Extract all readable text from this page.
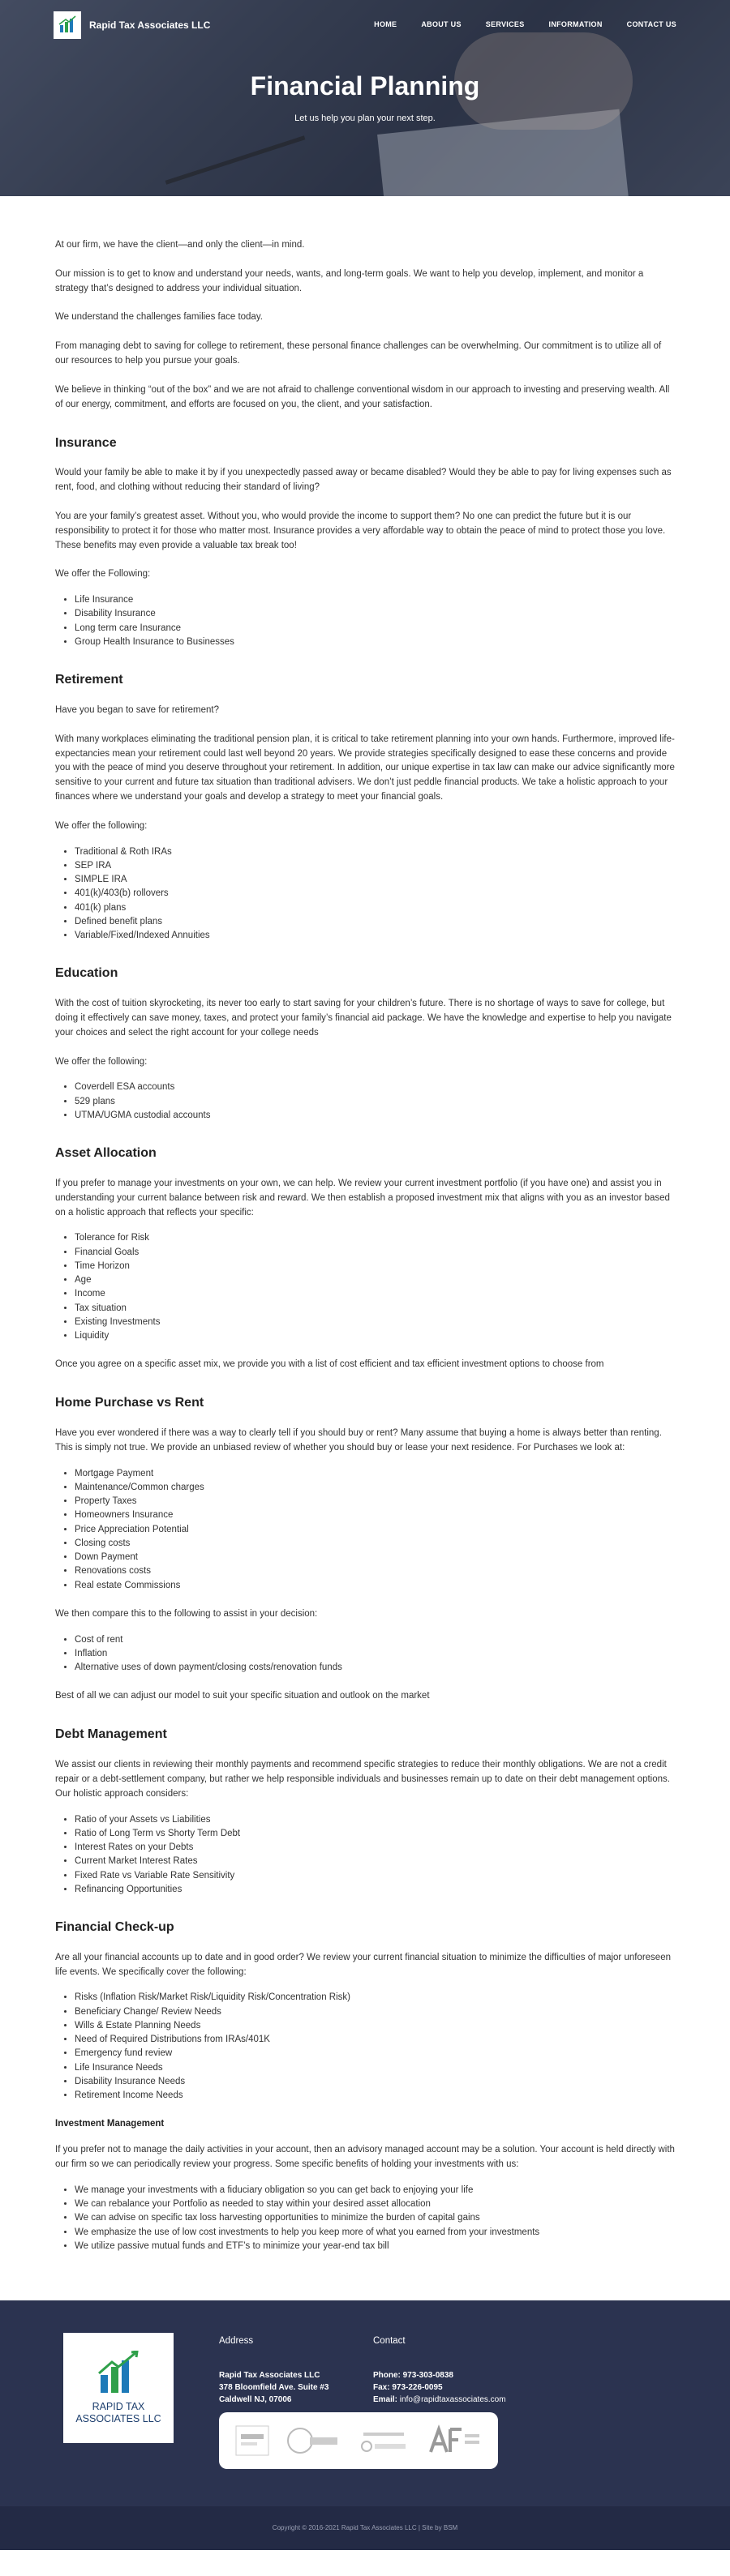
Rapid Tax Associates LLC	HOME	ABOUT US	SERVICES	INFORMATION	CONTACT US
Financial Planning
Let us help you plan your next step.

At our firm, we have the client—and only the client—in mind.

Our mission is to get to know and understand your needs, wants, and long-term goals. We want to help you develop, implement, and monitor a strategy that’s designed to address your individual situation.

We understand the challenges families face today.

From managing debt to saving for college to retirement, these personal finance challenges can be overwhelming. Our commitment is to utilize all of our resources to help you pursue your goals.

We believe in thinking “out of the box” and we are not afraid to challenge conventional wisdom in our approach to investing and preserving wealth. All of our energy, commitment, and efforts are focused on you, the client, and your satisfaction.

Insurance

Would your family be able to make it by if you unexpectedly passed away or became disabled? Would they be able to pay for living expenses such as rent, food, and clothing without reducing their standard of living?

You are your family’s greatest asset. Without you, who would provide the income to support them? No one can predict the future but it is our responsibility to protect it for those who matter most. Insurance provides a very affordable way to obtain the peace of mind to protect those you love. These benefits may even provide a valuable tax break too!

We offer the Following:

• Life Insurance
• Disability Insurance
• Long term care Insurance
• Group Health Insurance to Businesses
Retirement

Have you began to save for retirement?

With many workplaces eliminating the traditional pension plan, it is critical to take retirement planning into your own hands. Furthermore, improved life-expectancies mean your retirement could last well beyond 20 years. We provide strategies specifically designed to ease these concerns and provide you with the peace of mind you deserve throughout your retirement. In addition, our unique expertise in tax law can make our advice significantly more sensitive to your current and future tax situation than traditional advisers. We don’t just peddle financial products. We take a holistic approach to your finances where we understand your goals and develop a strategy to meet your financial goals.

We offer the following:

• Traditional & Roth IRAs
• SEP IRA
• SIMPLE IRA
• 401(k)/403(b) rollovers
• 401(k) plans
• Defined benefit plans
• Variable/Fixed/Indexed Annuities
Education

With the cost of tuition skyrocketing, its never too early to start saving for your children’s future. There is no shortage of ways to save for college, but doing it effectively can save money, taxes, and protect your family’s financial aid package. We have the knowledge and expertise to help you navigate your choices and select the right account for your college needs

We offer the following:

• Coverdell ESA accounts
• 529 plans
• UTMA/UGMA custodial accounts
Asset Allocation

If you prefer to manage your investments on your own, we can help. We review your current investment portfolio (if you have one) and assist you in understanding your current balance between risk and reward. We then establish a proposed investment mix that aligns with you as an investor based on a holistic approach that reflects your specific:

• Tolerance for Risk
• Financial Goals
• Time Horizon
• Age
• Income
• Tax situation
• Existing Investments
• Liquidity

Once you agree on a specific asset mix, we provide you with a list of cost efficient and tax efficient investment options to choose from

Home Purchase vs Rent

Have you ever wondered if there was a way to clearly tell if you should buy or rent? Many assume that buying a home is always better than renting. This is simply not true. We provide an unbiased review of whether you should buy or lease your next residence. For Purchases we look at:

• Mortgage Payment
• Maintenance/Common charges
• Property Taxes
• Homeowners Insurance
• Price Appreciation Potential
• Closing costs
• Down Payment
• Renovations costs
• Real estate Commissions

We then compare this to the following to assist in your decision:

• Cost of rent
• Inflation
• Alternative uses of down payment/closing costs/renovation funds

Best of all we can adjust our model to suit your specific situation and outlook on the market

Debt Management

We assist our clients in reviewing their monthly payments and recommend specific strategies to reduce their monthly obligations. We are not a credit repair or a debt-settlement company, but rather we help responsible individuals and businesses remain up to date on their debt management options. Our holistic approach considers:

• Ratio of your Assets vs Liabilities
• Ratio of Long Term vs Shorty Term Debt
• Interest Rates on your Debts
• Current Market Interest Rates
• Fixed Rate vs Variable Rate Sensitivity
• Refinancing Opportunities
Financial Check-up

Are all your financial accounts up to date and in good order? We review your current financial situation to minimize the difficulties of major unforeseen life events. We specifically cover the following:

• Risks (Inflation Risk/Market Risk/Liquidity Risk/Concentration Risk)
• Beneficiary Change/ Review Needs
• Wills & Estate Planning Needs
• Need of Required Distributions from IRAs/401K
• Emergency fund review
• Life Insurance Needs
• Disability Insurance Needs
• Retirement Income Needs
Investment Management

If you prefer not to manage the daily activities in your account, then an advisory managed account may be a solution. Your account is held directly with our firm so we can periodically review your progress. Some specific benefits of holding your investments with us:

• We manage your investments with a fiduciary obligation so you can get back to enjoying your life
• We can rebalance your Portfolio as needed to stay within your desired asset allocation
• We can advise on specific tax loss harvesting opportunities to minimize the burden of capital gains
• We emphasize the use of low cost investments to help you keep more of what you earned from your investments
• We utilize passive mutual funds and ETF’s to minimize your year-end tax bill
RAPID TAX
ASSOCIATES LLC
Address
Rapid Tax Associates LLC
378 Bloomfield Ave. Suite #3
Caldwell NJ, 07006
Contact
Phone: 973-303-0838
Fax: 973-226-0095
Email: info@rapidtaxassociates.com
Copyright © 2016-2021 Rapid Tax Associates LLC | Site by BSM
